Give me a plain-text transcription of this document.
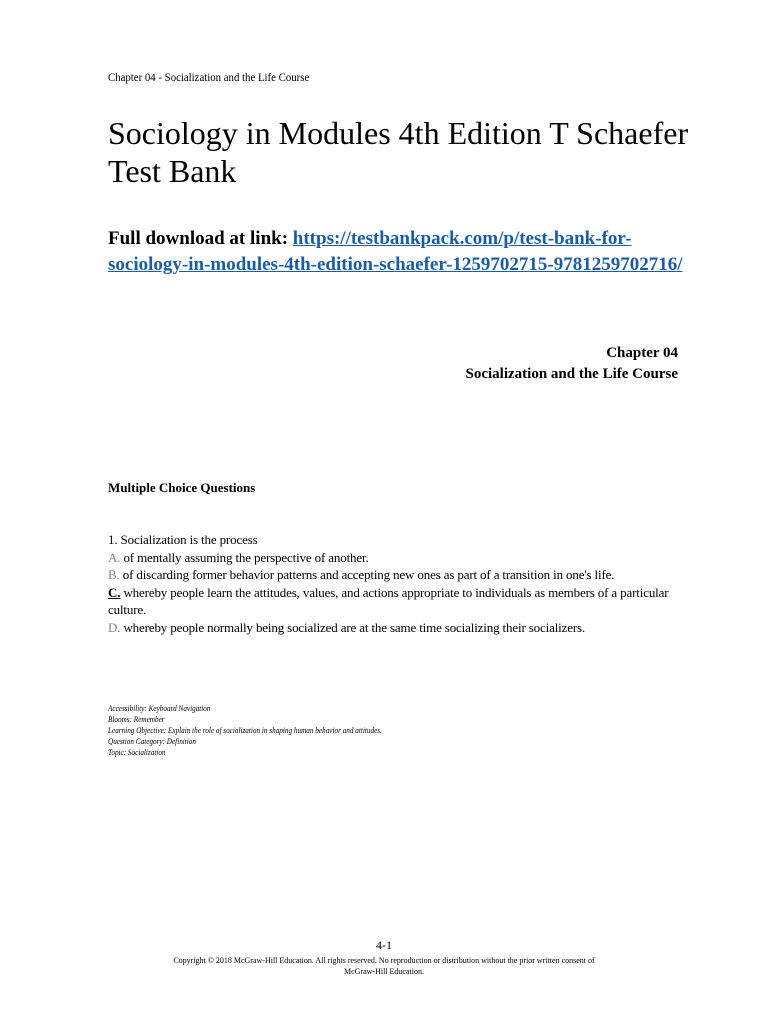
Chapter 04 - Socialization and the Life Course
Sociology in Modules 4th Edition T Schaefer Test Bank
Full download at link: https://testbankpack.com/p/test-bank-for-sociology-in-modules-4th-edition-schaefer-1259702715-9781259702716/
Chapter 04
Socialization and the Life Course
Multiple Choice Questions

1. Socialization is the process

A. of mentally assuming the perspective of another.

B. of discarding former behavior patterns and accepting new ones as part of a transition in one's life.

C. whereby people learn the attitudes, values, and actions appropriate to individuals as members of a particular culture.

D. whereby people normally being socialized are at the same time socializing their socializers.

Accessibility: Keyboard Navigation
Blooms: Remember
Learning Objective: Explain the role of socialization in shaping human behavior and attitudes.
Question Category: Definition
Topic: Socialization
4-1
Copyright © 2018 McGraw-Hill Education. All rights reserved. No reproduction or distribution without the prior written consent of
McGraw-Hill Education.
